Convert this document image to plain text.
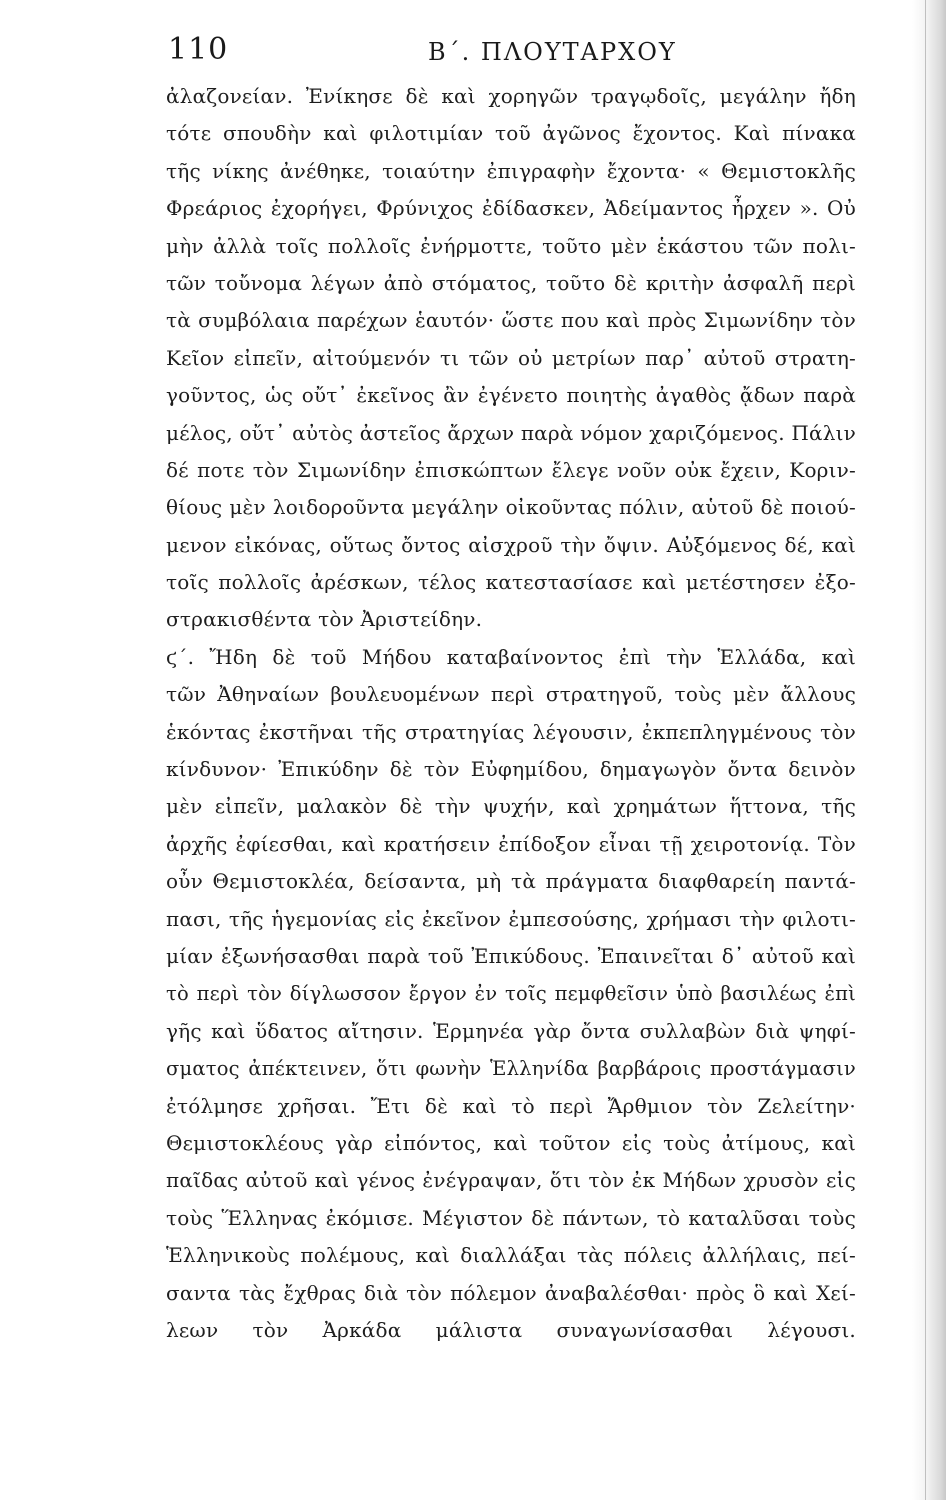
110	Β΄. ΠΛΟΥΤΑΡΧΟΥ
ἀλαζονείαν. Ἐνίκησε δὲ καὶ χορηγῶν τραγῳδοῖς, μεγάλην ἤδη
τότε σπουδὴν καὶ φιλοτιμίαν τοῦ ἀγῶνος ἔχοντος. Καὶ πίνακα
τῆς νίκης ἀνέθηκε, τοιαύτην ἐπιγραφὴν ἔχοντα· « Θεμιστοκλῆς
Φρεάριος ἐχορήγει, Φρύνιχος ἐδίδασκεν, Ἀδείμαντος ἦρχεν ». Οὐ
μὴν ἀλλὰ τοῖς πολλοῖς ἐνήρμοττε, τοῦτο μὲν ἑκάστου τῶν πολι-
τῶν τοὔνομα λέγων ἀπὸ στόματος, τοῦτο δὲ κριτὴν ἀσφαλῆ περὶ
τὰ συμβόλαια παρέχων ἑαυτόν· ὥστε που καὶ πρὸς Σιμωνίδην τὸν
Κεῖον εἰπεῖν, αἰτούμενόν τι τῶν οὐ μετρίων παρ᾽ αὐτοῦ στρατη-
γοῦντος, ὡς οὔτ᾽ ἐκεῖνος ἂν ἐγένετο ποιητὴς ἀγαθὸς ᾄδων παρὰ
μέλος, οὔτ᾽ αὐτὸς ἀστεῖος ἄρχων παρὰ νόμον χαριζόμενος. Πάλιν
δέ ποτε τὸν Σιμωνίδην ἐπισκώπτων ἔλεγε νοῦν οὐκ ἔχειν, Κοριν-
θίους μὲν λοιδοροῦντα μεγάλην οἰκοῦντας πόλιν, αὑτοῦ δὲ ποιού-
μενον εἰκόνας, οὕτως ὄντος αἰσχροῦ τὴν ὄψιν. Αὐξόμενος δέ, καὶ
τοῖς πολλοῖς ἀρέσκων, τέλος κατεστασίασε καὶ μετέστησεν ἐξο-
στρακισθέντα τὸν Ἀριστείδην.
ϛ΄. Ἤδη δὲ τοῦ Μήδου καταβαίνοντος ἐπὶ τὴν Ἑλλάδα, καὶ
τῶν Ἀθηναίων βουλευομένων περὶ στρατηγοῦ, τοὺς μὲν ἄλλους
ἑκόντας ἐκστῆναι τῆς στρατηγίας λέγουσιν, ἐκπεπληγμένους τὸν
κίνδυνον· Ἐπικύδην δὲ τὸν Εὐφημίδου, δημαγωγὸν ὄντα δεινὸν
μὲν εἰπεῖν, μαλακὸν δὲ τὴν ψυχήν, καὶ χρημάτων ἥττονα, τῆς
ἀρχῆς ἐφίεσθαι, καὶ κρατήσειν ἐπίδοξον εἶναι τῇ χειροτονίᾳ. Τὸν
οὖν Θεμιστοκλέα, δείσαντα, μὴ τὰ πράγματα διαφθαρείη παντά-
πασι, τῆς ἡγεμονίας εἰς ἐκεῖνον ἐμπεσούσης, χρήμασι τὴν φιλοτι-
μίαν ἐξωνήσασθαι παρὰ τοῦ Ἐπικύδους. Ἐπαινεῖται δ᾽ αὐτοῦ καὶ
τὸ περὶ τὸν δίγλωσσον ἔργον ἐν τοῖς πεμφθεῖσιν ὑπὸ βασιλέως ἐπὶ
γῆς καὶ ὕδατος αἴτησιν. Ἑρμηνέα γὰρ ὄντα συλλαβὼν διὰ ψηφί-
σματος ἀπέκτεινεν, ὅτι φωνὴν Ἑλληνίδα βαρβάροις προστάγμασιν
ἐτόλμησε χρῆσαι. Ἔτι δὲ καὶ τὸ περὶ Ἄρθμιον τὸν Ζελείτην·
Θεμιστοκλέους γὰρ εἰπόντος, καὶ τοῦτον εἰς τοὺς ἀτίμους, καὶ
παῖδας αὐτοῦ καὶ γένος ἐνέγραψαν, ὅτι τὸν ἐκ Μήδων χρυσὸν εἰς
τοὺς Ἕλληνας ἐκόμισε. Μέγιστον δὲ πάντων, τὸ καταλῦσαι τοὺς
Ἑλληνικοὺς πολέμους, καὶ διαλλάξαι τὰς πόλεις ἀλλήλαις, πεί-
σαντα τὰς ἔχθρας διὰ τὸν πόλεμον ἀναβαλέσθαι· πρὸς ὃ καὶ Χεί-
λεων τὸν Ἀρκάδα μάλιστα συναγωνίσασθαι λέγουσι.
